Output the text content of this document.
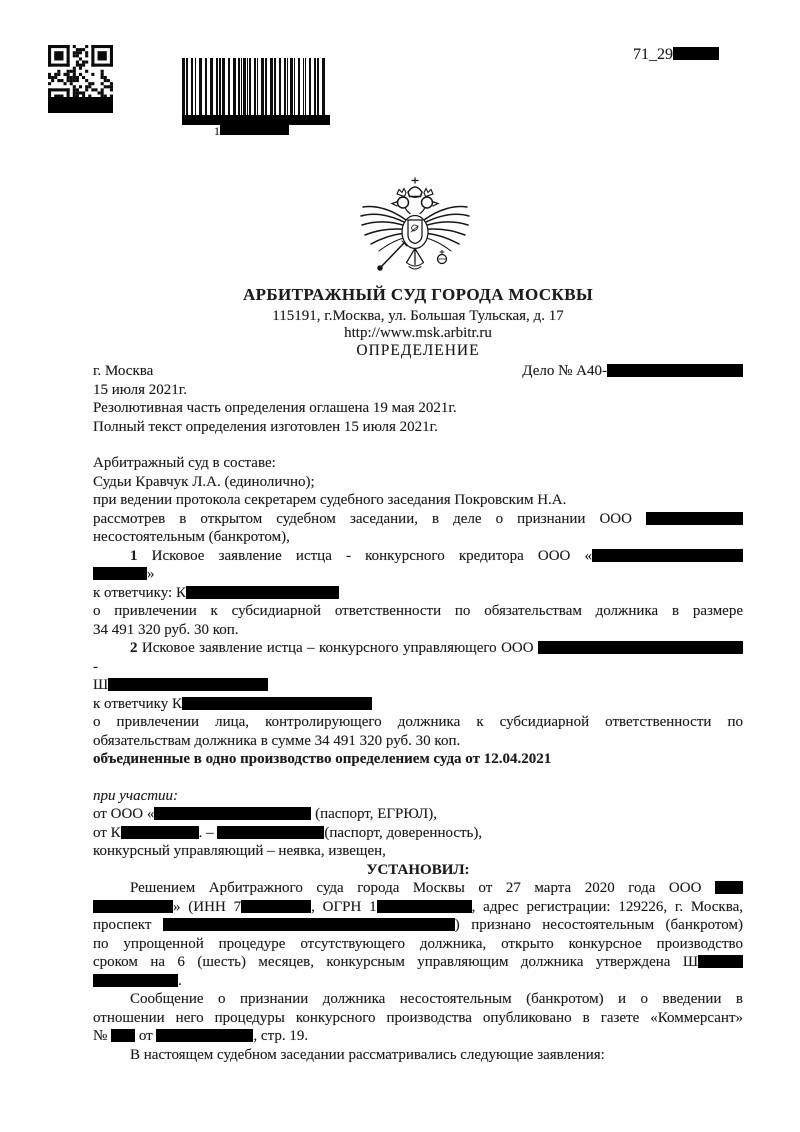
1
71_29
АРБИТРАЖНЫЙ СУД ГОРОДА МОСКВЫ
115191, г.Москва, ул. Большая Тульская, д. 17
http://www.msk.arbitr.ru
ОПРЕДЕЛЕНИЕ
г. Москва	Дело № А40-
15 июля 2021г.
Резолютивная часть определения оглашена 19 мая 2021г.
Полный текст определения изготовлен 15 июля 2021г.
Арбитражный суд в составе:
Судьи Кравчук Л.А. (единолично);
при ведении протокола секретарем судебного заседания Покровским Н.А.
рассмотрев в открытом судебном заседании, в деле о признании ООО
несостоятельным (банкротом),
1 Исковое заявление истца - конкурсного кредитора ООО «
»
к ответчику: К
о привлечении к субсидиарной ответственности по обязательствам должника в размере
34 491 320 руб. 30 коп.
2 Исковое заявление истца – конкурсного управляющего ООО  -
Ш
к ответчику К
о привлечении лица, контролирующего должника к субсидиарной ответственности по
обязательствам должника в сумме 34 491 320 руб. 30 коп.
объединенные в одно производство определением суда от 12.04.2021
при участии:
от ООО «	(паспорт, ЕГРЮЛ),
от К	. –	(паспорт, доверенность),
конкурсный управляющий – неявка, извещен,
УСТАНОВИЛ:
Решением Арбитражного суда города Москвы от 27 марта 2020 года ООО
» (ИНН 7	, ОГРН 1	, адрес регистрации: 129226, г. Москва,
проспект	) признано несостоятельным (банкротом)
по упрощенной процедуре отсутствующего должника, открыто конкурсное производство
сроком на 6 (шесть) месяцев, конкурсным управляющим должника утверждена Ш
.
Сообщение о признании должника несостоятельным (банкротом) и о введении в
отношении него процедуры конкурсного производства опубликовано в газете «Коммерсант»
№  от	, стр. 19.
В настоящем судебном заседании рассматривались следующие заявления:
